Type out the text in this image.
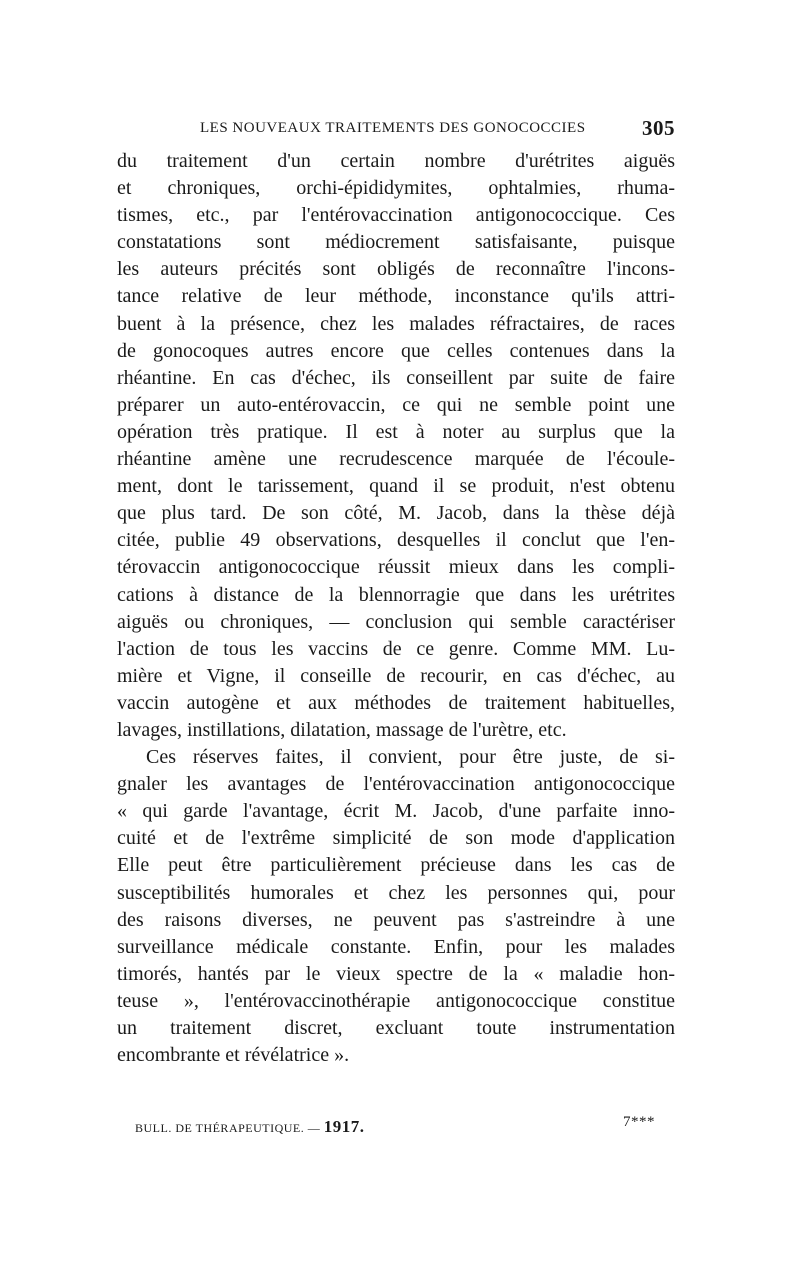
LES NOUVEAUX TRAITEMENTS DES GONOCOCCIES	305
du traitement d'un certain nombre d'urétrites aiguës
et chroniques, orchi-épididymites, ophtalmies, rhuma-
tismes, etc., par l'entérovaccination antigonococcique. Ces
constatations sont médiocrement satisfaisante, puisque
les auteurs précités sont obligés de reconnaître l'incons-
tance relative de leur méthode, inconstance qu'ils attri-
buent à la présence, chez les malades réfractaires, de races
de gonocoques autres encore que celles contenues dans la
rhéantine. En cas d'échec, ils conseillent par suite de faire
préparer un auto-entérovaccin, ce qui ne semble point une
opération très pratique. Il est à noter au surplus que la
rhéantine amène une recrudescence marquée de l'écoule-
ment, dont le tarissement, quand il se produit, n'est obtenu
que plus tard. De son côté, M. Jacob, dans la thèse déjà
citée, publie 49 observations, desquelles il conclut que l'en-
térovaccin antigonococcique réussit mieux dans les compli-
cations à distance de la blennorragie que dans les urétrites
aiguës ou chroniques, — conclusion qui semble caractériser
l'action de tous les vaccins de ce genre. Comme MM. Lu-
mière et Vigne, il conseille de recourir, en cas d'échec, au
vaccin autogène et aux méthodes de traitement habituelles,
lavages, instillations, dilatation, massage de l'urètre, etc.
Ces réserves faites, il convient, pour être juste, de si-
gnaler les avantages de l'entérovaccination antigonococcique
« qui garde l'avantage, écrit M. Jacob, d'une parfaite inno-
cuité et de l'extrême simplicité de son mode d'application
Elle peut être particulièrement précieuse dans les cas de
susceptibilités humorales et chez les personnes qui, pour
des raisons diverses, ne peuvent pas s'astreindre à une
surveillance médicale constante. Enfin, pour les malades
timorés, hantés par le vieux spectre de la « maladie hon-
teuse », l'entérovaccinothérapie antigonococcique constitue
un traitement discret, excluant toute instrumentation
encombrante et révélatrice ».
BULL. DE THÉRAPEUTIQUE. — 1917.	7***
